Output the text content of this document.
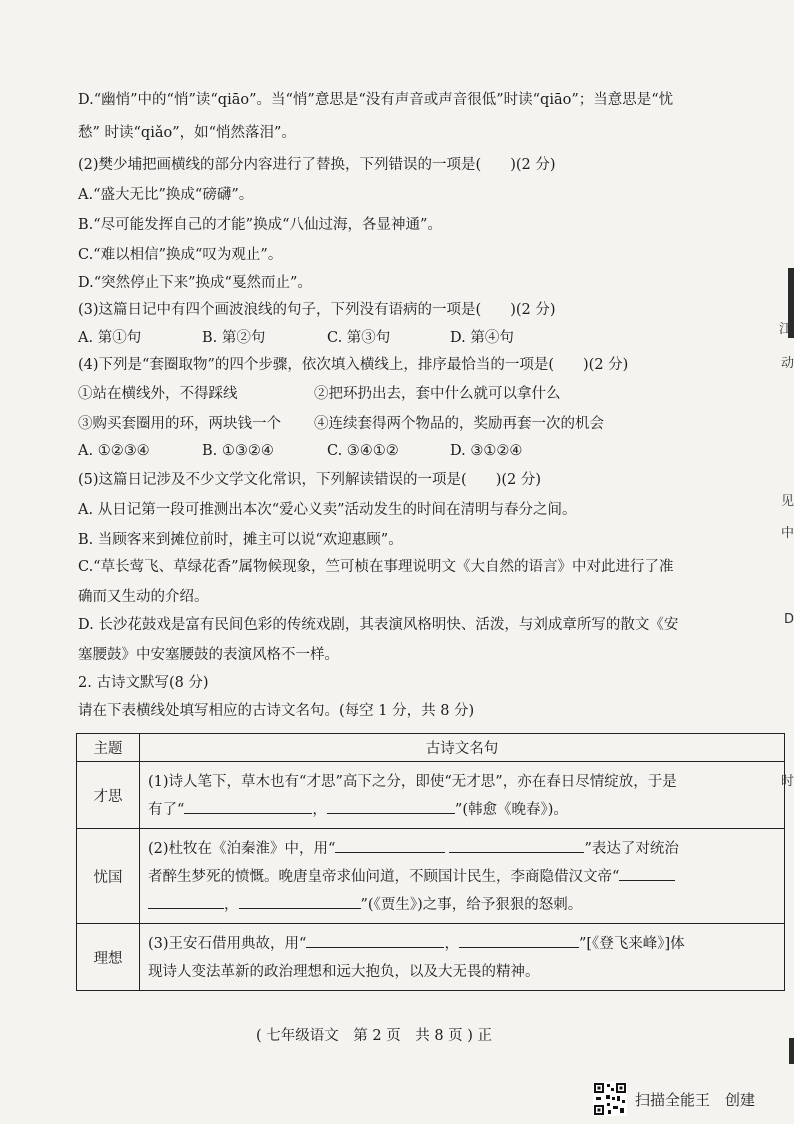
D.“幽悄”中的“悄”读“qiāo”。当“悄”意思是“没有声音或声音很低”时读“qiāo”；当意思是“忧
愁” 时读“qiǎo”，如“悄然落泪”。
(2)樊少埔把画横线的部分内容进行了替换，下列错误的一项是(　　)(2 分)
A.“盛大无比”换成“磅礴”。
B.“尽可能发挥自己的才能”换成“八仙过海，各显神通”。
C.“难以相信”换成“叹为观止”。
D.“突然停止下来”换成“戛然而止”。
(3)这篇日记中有四个画波浪线的句子，下列没有语病的一项是(　　)(2 分)
A. 第①句	B. 第②句	C. 第③句	D. 第④句
(4)下列是“套圈取物”的四个步骤，依次填入横线上，排序最恰当的一项是(　　)(2 分)
①站在横线外，不得踩线	②把环扔出去，套中什么就可以拿什么
③购买套圈用的环，两块钱一个 ④连续套得两个物品的，奖励再套一次的机会
A. ①②③④	B. ①③②④	C. ③④①②	D. ③①②④
(5)这篇日记涉及不少文学文化常识，下列解读错误的一项是(　　)(2 分)
A. 从日记第一段可推测出本次“爱心义卖”活动发生的时间在清明与春分之间。
B. 当顾客来到摊位前时，摊主可以说“欢迎惠顾”。
C.“草长莺飞、草绿花香”属物候现象，竺可桢在事理说明文《大自然的语言》中对此进行了准
确而又生动的介绍。
D. 长沙花鼓戏是富有民间色彩的传统戏剧，其表演风格明快、活泼，与刘成章所写的散文《安
塞腰鼓》中安塞腰鼓的表演风格不一样。
2. 古诗文默写(8 分)
请在下表横线处填写相应的古诗文名句。(每空 1 分，共 8 分)
主题	古诗文名句
才思	(1)诗人笔下，草木也有“才思”高下之分，即使“无才思”，亦在春日尽情绽放，于是
有了“ ， ”(韩愈《晚春》)。

忧国	(2)杜牧在《泊秦淮》中，用“ ”表达了对统治
者醉生梦死的愤慨。晚唐皇帝求仙问道，不顾国计民生，李商隐借汉文帝“
， ”(《贾生》)之事，给予狠狠的怒刺。

理想	(3)王安石借用典故，用“ ， ”[《登飞来峰》]体
现诗人变法革新的政治理想和远大抱负，以及大无畏的精神。
( 七年级语文　第 2 页　共 8 页 ) 正
扫描全能王　创建
江
动
见
中
D
时
